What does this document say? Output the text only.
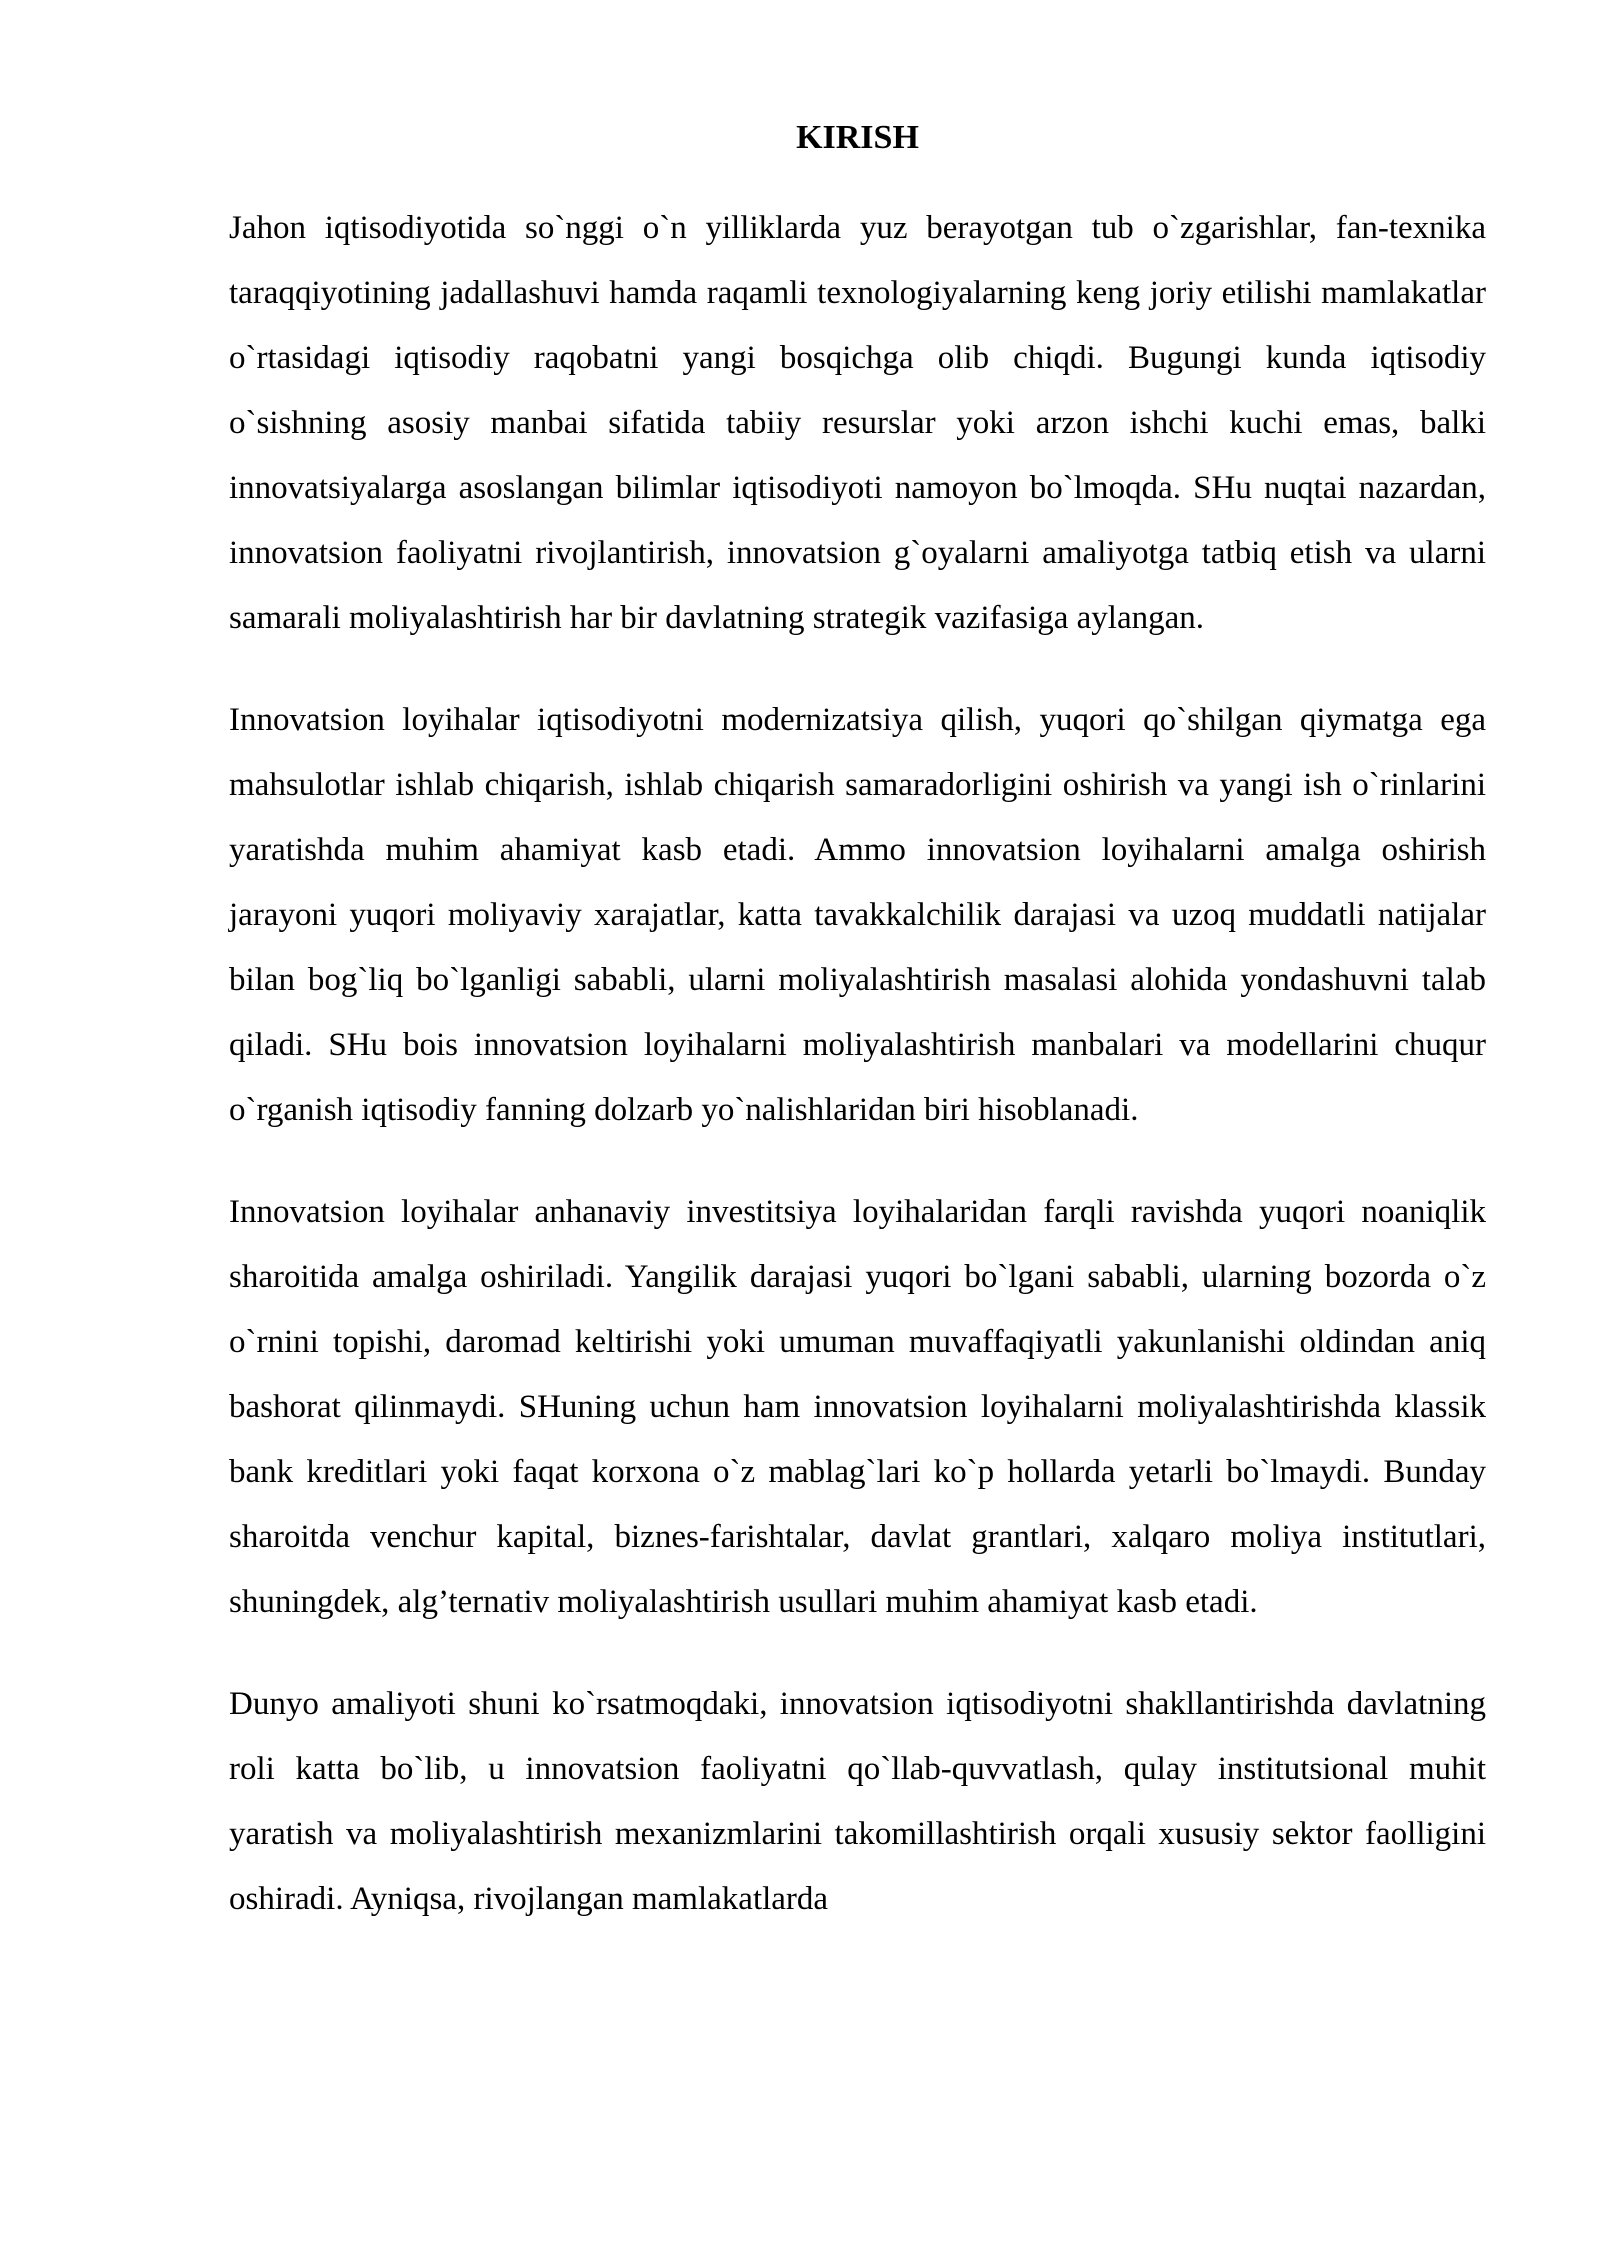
KIRISH

Jahon iqtisodiyotida so`nggi o`n yilliklarda yuz berayotgan tub o`zgarishlar, fan-texnika taraqqiyotining jadallashuvi hamda raqamli texnologiyalarning keng joriy etilishi mamlakatlar o`rtasidagi iqtisodiy raqobatni yangi bosqichga olib chiqdi. Bugungi kunda iqtisodiy o`sishning asosiy manbai sifatida tabiiy resurslar yoki arzon ishchi kuchi emas, balki innovatsiyalarga asoslangan bilimlar iqtisodiyoti namoyon bo`lmoqda. SHu nuqtai nazardan, innovatsion faoliyatni rivojlantirish, innovatsion g`oyalarni amaliyotga tatbiq etish va ularni samarali moliyalashtirish har bir davlatning strategik vazifasiga aylangan.

Innovatsion loyihalar iqtisodiyotni modernizatsiya qilish, yuqori qo`shilgan qiymatga ega mahsulotlar ishlab chiqarish, ishlab chiqarish samaradorligini oshirish va yangi ish o`rinlarini yaratishda muhim ahamiyat kasb etadi. Ammo innovatsion loyihalarni amalga oshirish jarayoni yuqori moliyaviy xarajatlar, katta tavakkalchilik darajasi va uzoq muddatli natijalar bilan bog`liq bo`lganligi sababli, ularni moliyalashtirish masalasi alohida yondashuvni talab qiladi. SHu bois innovatsion loyihalarni moliyalashtirish manbalari va modellarini chuqur o`rganish iqtisodiy fanning dolzarb yo`nalishlaridan biri hisoblanadi.

Innovatsion loyihalar anhanaviy investitsiya loyihalaridan farqli ravishda yuqori noaniqlik sharoitida amalga oshiriladi. Yangilik darajasi yuqori bo`lgani sababli, ularning bozorda o`z o`rnini topishi, daromad keltirishi yoki umuman muvaffaqiyatli yakunlanishi oldindan aniq bashorat qilinmaydi. SHuning uchun ham innovatsion loyihalarni moliyalashtirishda klassik bank kreditlari yoki faqat korxona o`z mablag`lari ko`p hollarda yetarli bo`lmaydi. Bunday sharoitda venchur kapital, biznes-farishtalar, davlat grantlari, xalqaro moliya institutlari, shuningdek, alg’ternativ moliyalashtirish usullari muhim ahamiyat kasb etadi.

Dunyo amaliyoti shuni ko`rsatmoqdaki, innovatsion iqtisodiyotni shakllantirishda davlatning roli katta bo`lib, u innovatsion faoliyatni qo`llab-quvvatlash, qulay institutsional muhit yaratish va moliyalashtirish mexanizmlarini takomillashtirish orqali xususiy sektor faolligini oshiradi. Ayniqsa, rivojlangan mamlakatlarda
